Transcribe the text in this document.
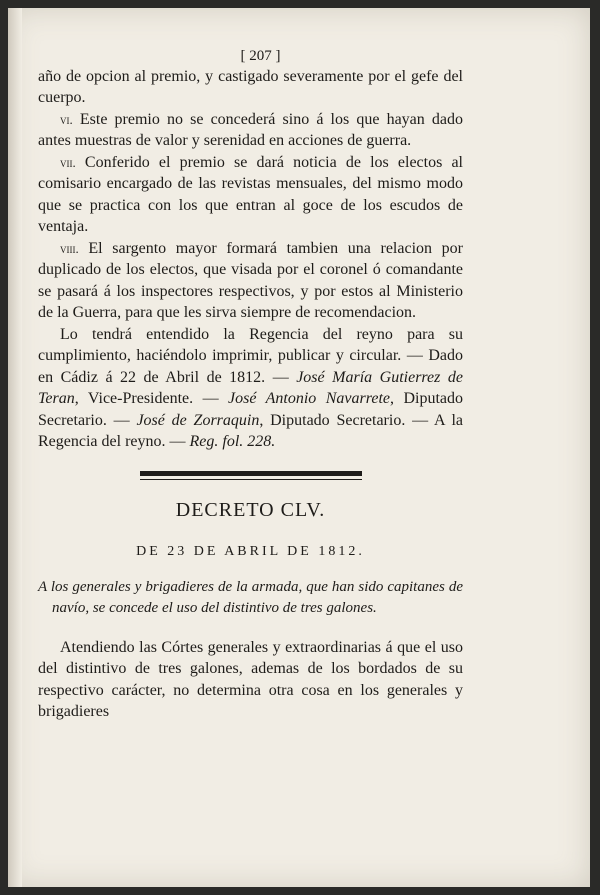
[ 207 ]

año de opcion al premio, y castigado severamente por el gefe del cuerpo.

vi. Este premio no se concederá sino á los que hayan dado antes muestras de valor y serenidad en acciones de guerra.

vii. Conferido el premio se dará noticia de los electos al comisario encargado de las revistas mensuales, del mismo modo que se practica con los que entran al goce de los escudos de ventaja.

viii. El sargento mayor formará tambien una relacion por duplicado de los electos, que visada por el coronel ó comandante se pasará á los inspectores respectivos, y por estos al Ministerio de la Guerra, para que les sirva siempre de recomendacion.

Lo tendrá entendido la Regencia del reyno para su cumplimiento, haciéndolo imprimir, publicar y circular. — Dado en Cádiz á 22 de Abril de 1812. — José María Gutierrez de Teran, Vice-Presidente. — José Antonio Navarrete, Diputado Secretario. — José de Zorraquin, Diputado Secretario. — A la Regencia del reyno. — Reg. fol. 228.

DECRETO CLV.
DE 23 DE ABRIL DE 1812.

A los generales y brigadieres de la armada, que han sido capitanes de navío, se concede el uso del distintivo de tres galones.

Atendiendo las Córtes generales y extraordinarias á que el uso del distintivo de tres galones, ademas de los bordados de su respectivo carácter, no determina otra cosa en los generales y brigadieres
